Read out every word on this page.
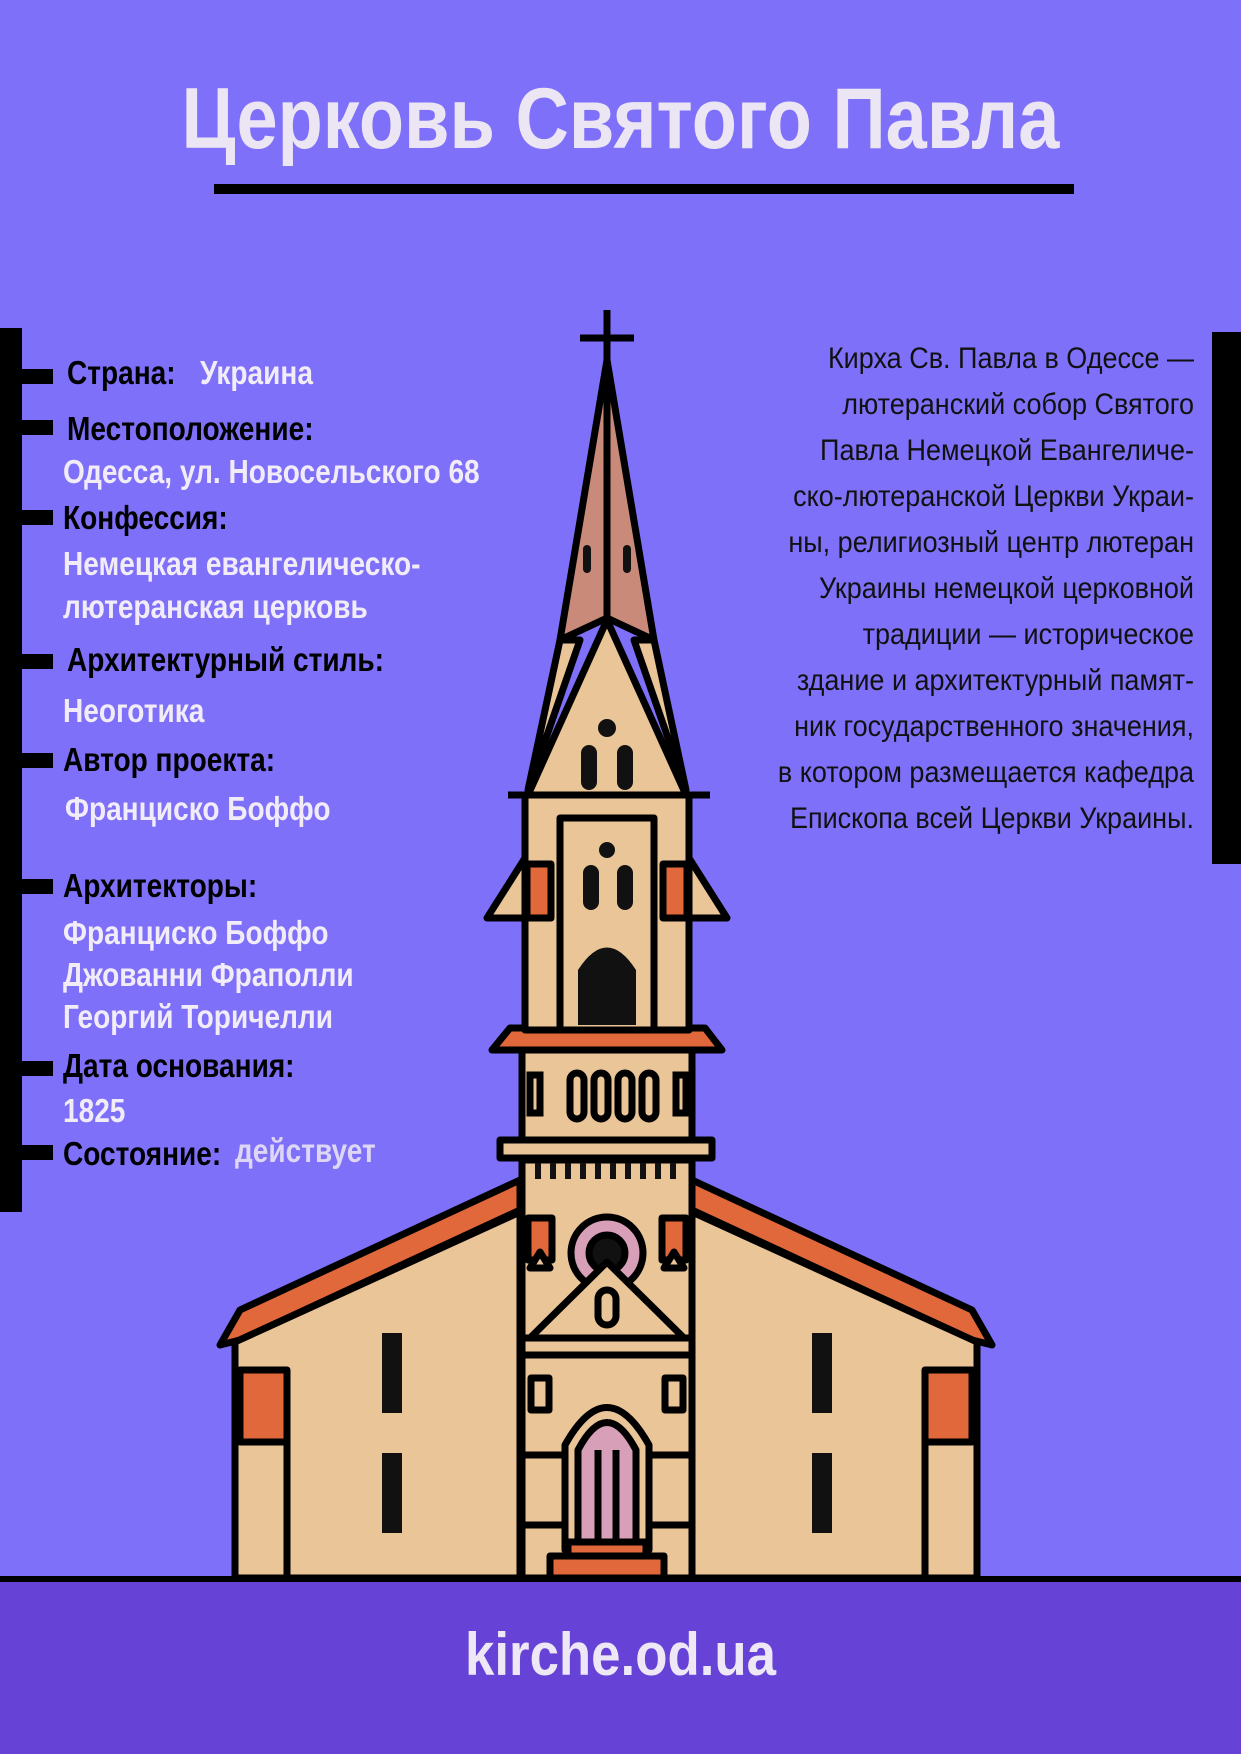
Церковь Святого Павла
Страна: Украина
Местоположение:
Одесса, ул. Новосельского 68
Конфессия:
Немецкая евангелическо-
лютеранская церковь
Архитектурный стиль:
Неоготика
Автор проекта:
Франциско Боффо
Архитекторы:
Франциско Боффо
Джованни Фраполли
Георгий Торичелли
Дата основания:
1825
Состояние: действует
Кирха Св. Павла в Одессе —
лютеранский собор Святого
Павла Немецкой Евангеличе-
ско-лютеранской Церкви Украи-
ны, религиозный центр лютеран
Украины немецкой церковной
традиции — историческое
здание и архитектурный памят-
ник государственного значения,
в котором размещается кафедра
Епископа всей Церкви Украины.
kirche.od.ua
